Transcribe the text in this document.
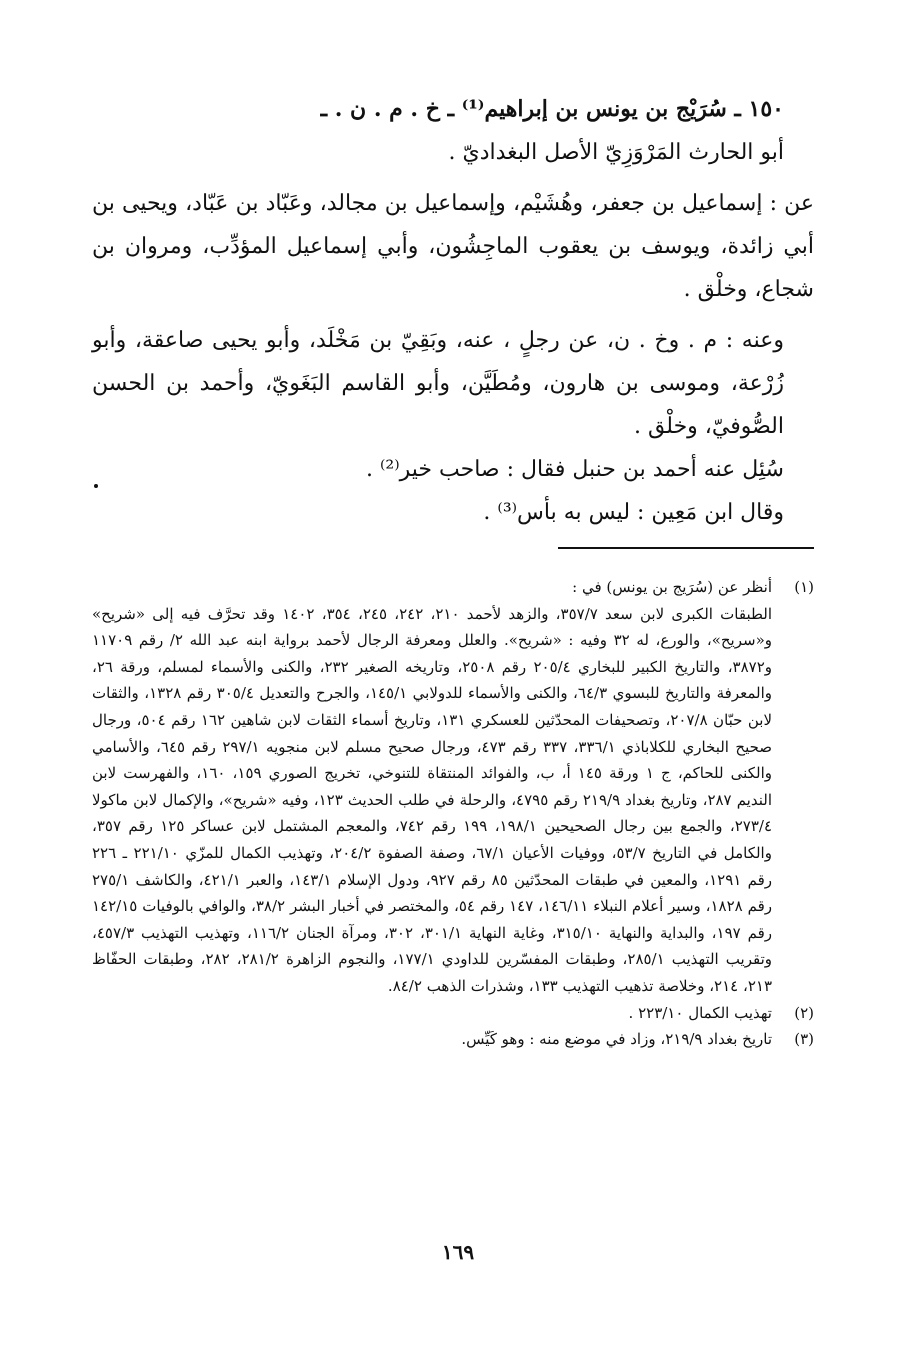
١٥٠ ـ سُرَيْج بن يونس بن إبراهيم⁽¹⁾ ـ خ . م . ن . ـ

أبو الحارث المَرْوَزِيّ الأصل البغداديّ .

عن : إسماعيل بن جعفر، وهُشَيْم، وإسماعيل بن مجالد، وعَبّاد بن عَبّاد، ويحيى بن أبي زائدة، ويوسف بن يعقوب الماجِشُون، وأبي إسماعيل المؤدِّب، ومروان بن شجاع، وخلْق .

وعنه : م . وخ . ن، عن رجلٍ ، عنه، وبَقِيّ بن مَخْلَد، وأبو يحيى صاعقة، وأبو زُرْعة، وموسى بن هارون، ومُطَيَّن، وأبو القاسم البَغَويّ، وأحمد بن الحسن الصُّوفيّ، وخلْق .

سُئِل عنه أحمد بن حنبل فقال : صاحب خير⁽²⁾ .

وقال ابن مَعِين : ليس به بأس⁽³⁾ .

(١)
أنظر عن (سُرَيج بن يونس) في :
الطبقات الكبرى لابن سعد ٣٥٧/٧، والزهد لأحمد ٢١٠، ٢٤٢، ٢٤٥، ٣٥٤، ١٤٠٢ وقد تحرَّف فيه إلى «شريح» و«سريح»، والورع، له ٣٢ وفيه : «شريح». والعلل ومعرفة الرجال لأحمد برواية ابنه عبد الله ٢/ رقم ١١٧٠٩ و٣٨٧٢، والتاريخ الكبير للبخاري ٢٠٥/٤ رقم ٢٥٠٨، وتاريخه الصغير ٢٣٢، والكنى والأسماء لمسلم، ورقة ٢٦، والمعرفة والتاريخ للبسوي ٦٤/٣، والكنى والأسماء للدولابي ١٤٥/١، والجرح والتعديل ٣٠٥/٤ رقم ١٣٢٨، والثقات لابن حبّان ٢٠٧/٨، وتصحيفات المحدّثين للعسكري ١٣١، وتاريخ أسماء الثقات لابن شاهين ١٦٢ رقم ٥٠٤، ورجال صحيح البخاري للكلاباذي ٣٣٦/١، ٣٣٧ رقم ٤٧٣، ورجال صحيح مسلم لابن منجويه ٢٩٧/١ رقم ٦٤٥، والأسامي والكنى للحاكم، ج ١ ورقة ١٤٥ أ، ب، والفوائد المنتقاة للتنوخي، تخريج الصوري ١٥٩، ١٦٠، والفهرست لابن النديم ٢٨٧، وتاريخ بغداد ٢١٩/٩ رقم ٤٧٩٥، والرحلة في طلب الحديث ١٢٣، وفيه «شريح»، والإكمال لابن ماكولا ٢٧٣/٤، والجمع بين رجال الصحيحين ١٩٨/١، ١٩٩ رقم ٧٤٢، والمعجم المشتمل لابن عساكر ١٢٥ رقم ٣٥٧، والكامل في التاريخ ٥٣/٧، ووفيات الأعيان ٦٧/١، وصفة الصفوة ٢٠٤/٢، وتهذيب الكمال للمزّي ٢٢١/١٠ ـ ٢٢٦ رقم ١٢٩١، والمعين في طبقات المحدّثين ٨٥ رقم ٩٢٧، ودول الإسلام ١٤٣/١، والعبر ٤٢١/١، والكاشف ٢٧٥/١ رقم ١٨٢٨، وسير أعلام النبلاء ١٤٦/١١، ١٤٧ رقم ٥٤، والمختصر في أخبار البشر ٣٨/٢، والوافي بالوفيات ١٤٢/١٥ رقم ١٩٧، والبداية والنهاية ٣١٥/١٠، وغاية النهاية ٣٠١/١، ٣٠٢، ومرآة الجنان ١١٦/٢، وتهذيب التهذيب ٤٥٧/٣، وتقريب التهذيب ٢٨٥/١، وطبقات المفسّرين للداودي ١٧٧/١، والنجوم الزاهرة ٢٨١/٢، ٢٨٢، وطبقات الحفّاظ ٢١٣، ٢١٤، وخلاصة تذهيب التهذيب ١٣٣، وشذرات الذهب ٨٤/٢.
(٢)
تهذيب الكمال ٢٢٣/١٠ .
(٣)
تاريخ بغداد ٢١٩/٩، وزاد في موضع منه : وهو كَيِّس.
١٦٩
